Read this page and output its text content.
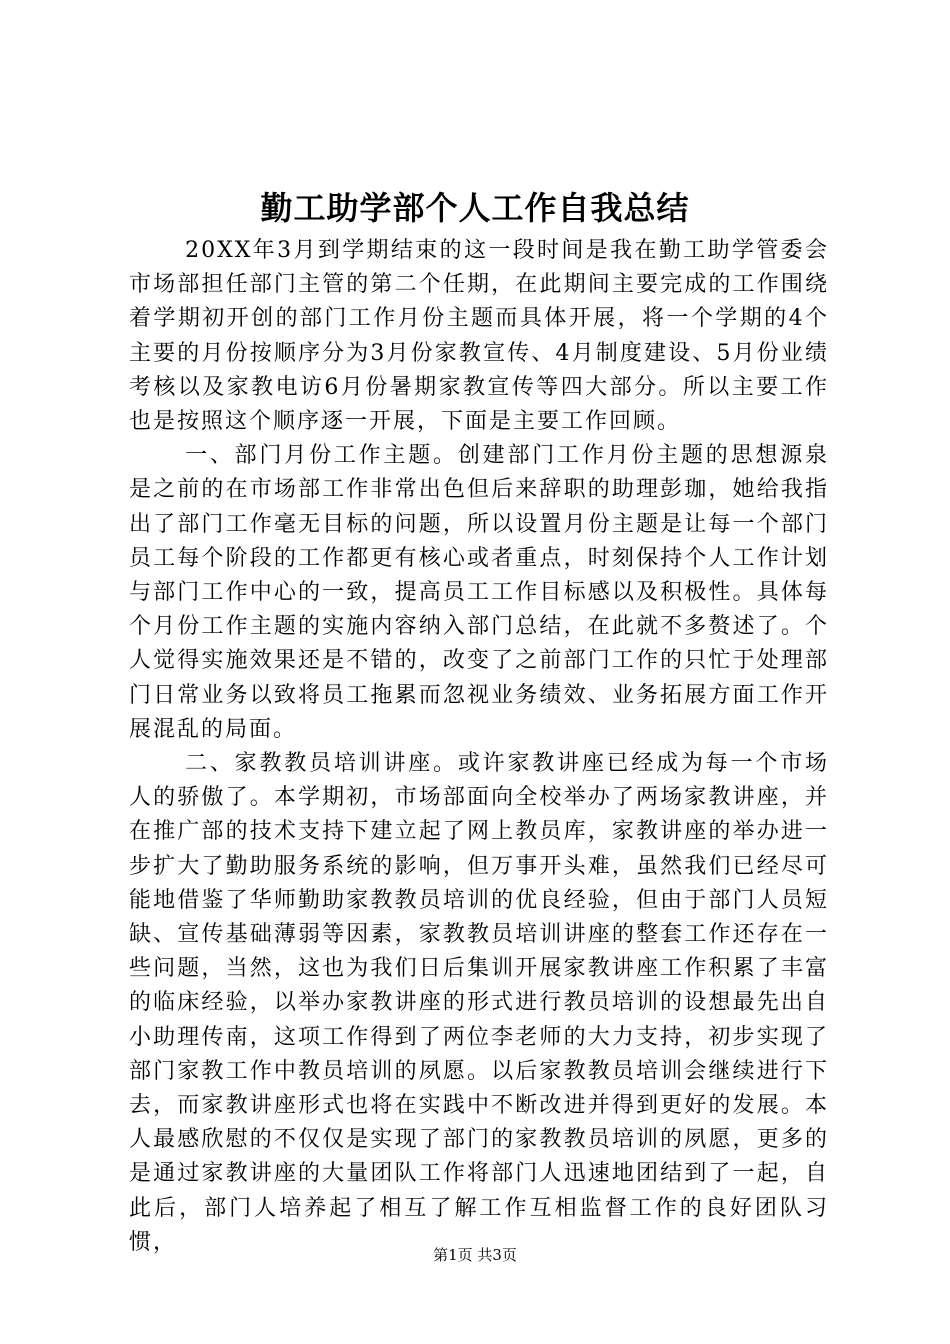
勤工助学部个人工作自我总结

20XX年3月到学期结束的这一段时间是我在勤工助学管委会市场部担任部门主管的第二个任期，在此期间主要完成的工作围绕着学期初开创的部门工作月份主题而具体开展，将一个学期的4个主要的月份按顺序分为3月份家教宣传、4月制度建设、5月份业绩考核以及家教电访6月份暑期家教宣传等四大部分。所以主要工作也是按照这个顺序逐一开展，下面是主要工作回顾。

一、部门月份工作主题。创建部门工作月份主题的思想源泉是之前的在市场部工作非常出色但后来辞职的助理彭珈，她给我指出了部门工作毫无目标的问题，所以设置月份主题是让每一个部门员工每个阶段的工作都更有核心或者重点，时刻保持个人工作计划与部门工作中心的一致，提高员工工作目标感以及积极性。具体每个月份工作主题的实施内容纳入部门总结，在此就不多赘述了。个人觉得实施效果还是不错的，改变了之前部门工作的只忙于处理部门日常业务以致将员工拖累而忽视业务绩效、业务拓展方面工作开展混乱的局面。

二、家教教员培训讲座。或许家教讲座已经成为每一个市场人的骄傲了。本学期初，市场部面向全校举办了两场家教讲座，并在推广部的技术支持下建立起了网上教员库，家教讲座的举办进一步扩大了勤助服务系统的影响，但万事开头难，虽然我们已经尽可能地借鉴了华师勤助家教教员培训的优良经验，但由于部门人员短缺、宣传基础薄弱等因素，家教教员培训讲座的整套工作还存在一些问题，当然，这也为我们日后集训开展家教讲座工作积累了丰富的临床经验，以举办家教讲座的形式进行教员培训的设想最先出自小助理传南，这项工作得到了两位李老师的大力支持，初步实现了部门家教工作中教员培训的夙愿。以后家教教员培训会继续进行下去，而家教讲座形式也将在实践中不断改进并得到更好的发展。本人最感欣慰的不仅仅是实现了部门的家教教员培训的夙愿，更多的是通过家教讲座的大量团队工作将部门人迅速地团结到了一起，自此后，部门人培养起了相互了解工作互相监督工作的良好团队习惯，

第1页 共3页
